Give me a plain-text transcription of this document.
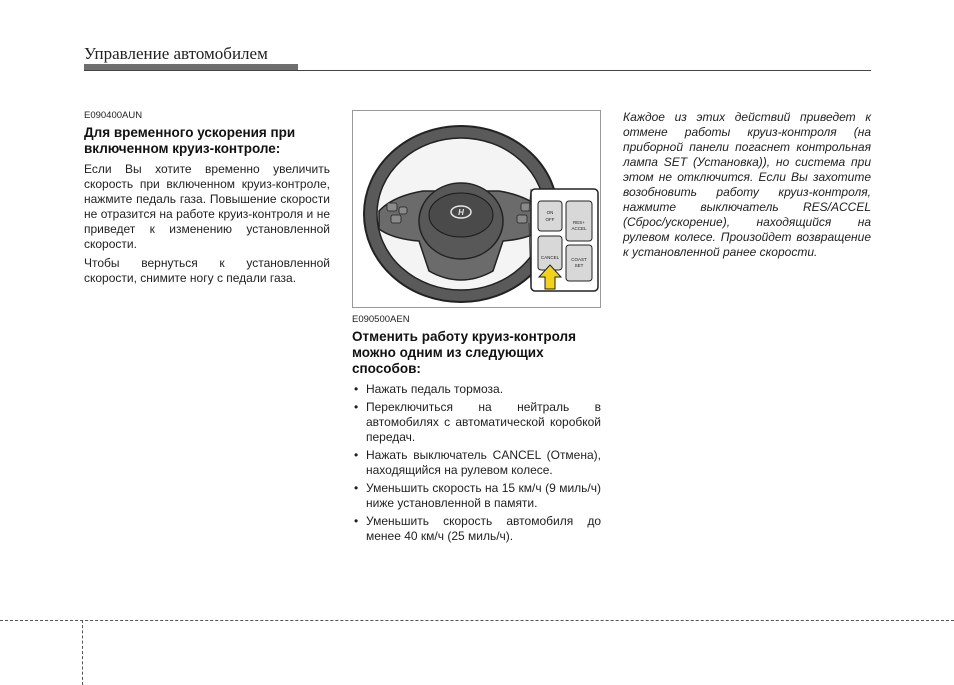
Управление автомобилем
E090400AUN
Для временного ускорения при включенном круиз-контроле:

Если Вы хотите временно увеличить скорость при включенном круиз-контроле, нажмите педаль газа. Повышение скорости не отразится на работе круиз-контроля и не приведет к изменению установленной скорости.

Чтобы вернуться к установленной скорости, снимите ногу с педали газа.

H	ON
OFF
RES+
ACCEL
CANCEL	COAST
SET
E090500AEN
Отменить работу круиз-контроля можно одним из следующих способов:
• Нажать педаль тормоза.
• Переключиться на нейтраль в автомобилях с автоматической коробкой передач.
• Нажать выключатель CANCEL (Отмена), находящийся на рулевом колесе.
• Уменьшить скорость на 15 км/ч (9 миль/ч) ниже установленной в памяти.
• Уменьшить скорость автомобиля до менее 40 км/ч (25 миль/ч).

Каждое из этих действий приведет к отмене работы круиз-контроля (на приборной панели погаснет контрольная лампа SET (Установка)), но система при этом не отключится. Если Вы захотите возобновить работу круиз-контроля, нажмите выключатель RES/ACCEL (Сброс/ускорение), находящийся на рулевом колесе. Произойдет возвращение к установленной ранее скорости.
